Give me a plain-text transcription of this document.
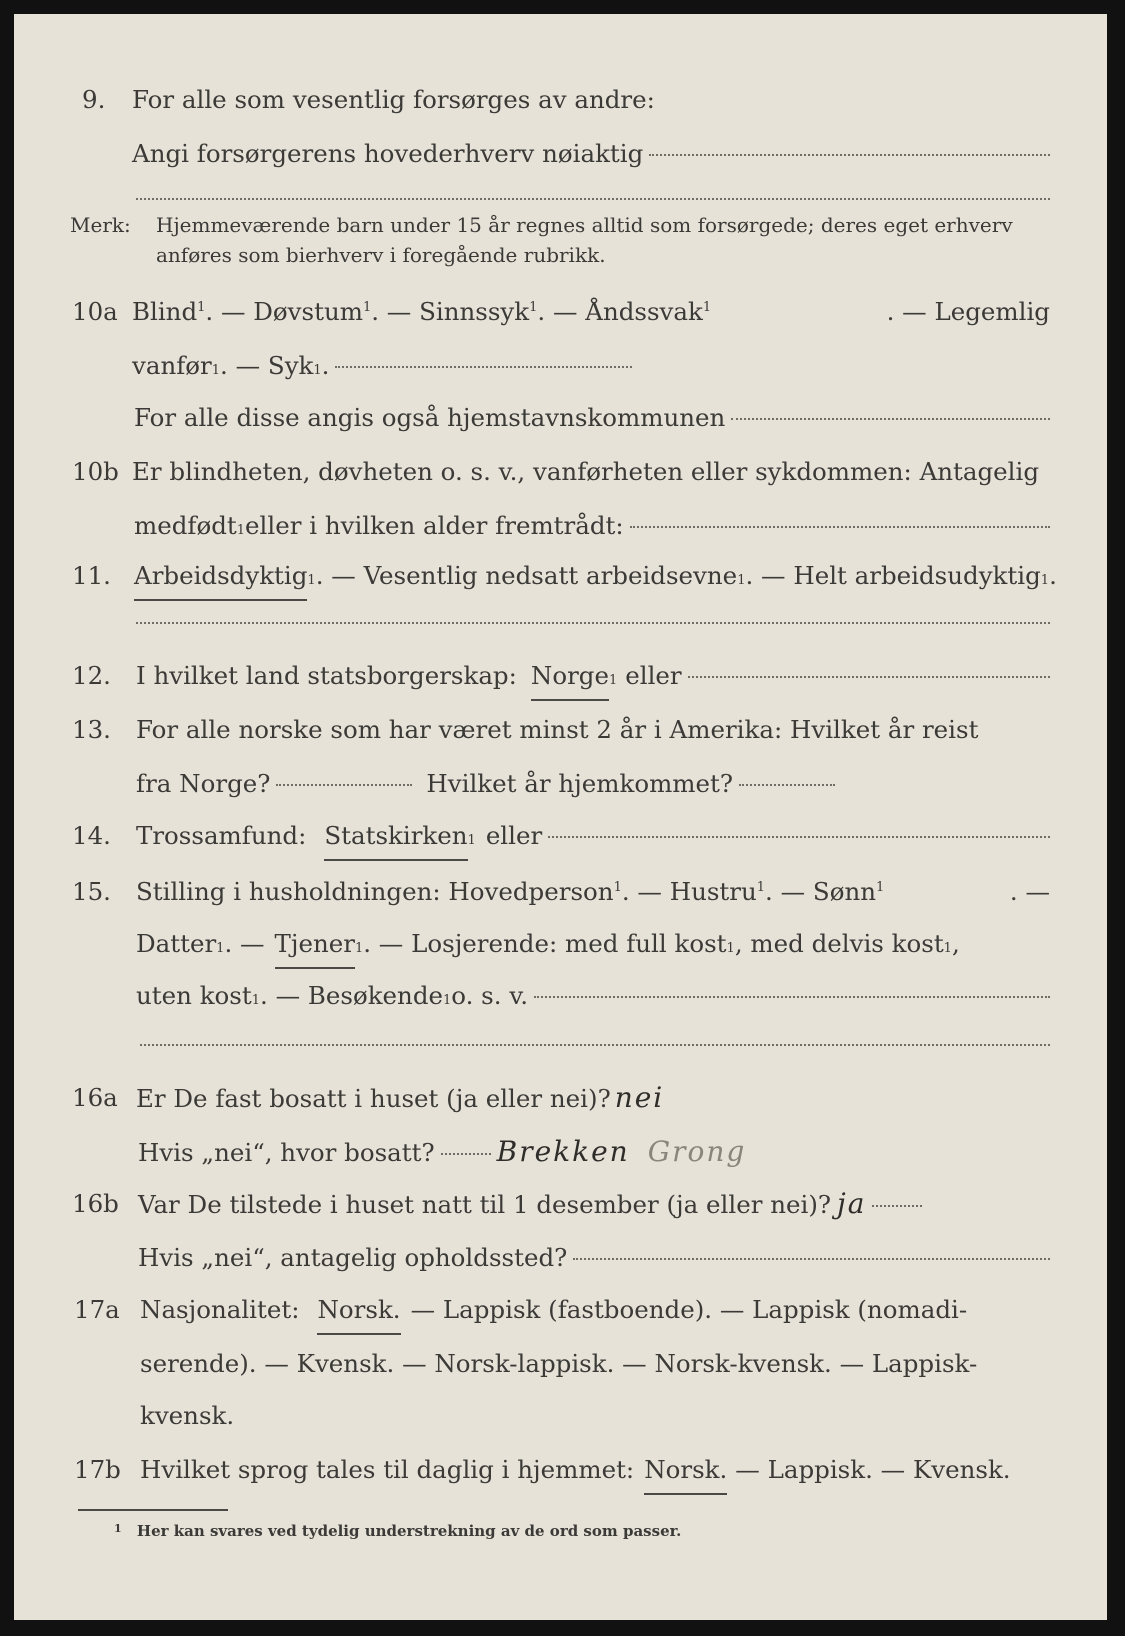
9. For alle som vesentlig forsørges av andre:
Angi forsørgerens hovederhverv nøiaktig
Merk: Hjemmeværende barn under 15 år regnes alltid som forsørgede; deres eget erhverv
anføres som bierhverv i foregående rubrikk.
10a Blind$^1$. — Døvstum$^1$. — Sinnssyk$^1$. — Åndssvak$^1$	. — Legemlig
vanfør 1 . — Syk 1 .
For alle disse angis også hjemstavnskommunen
10b Er blindheten, døvheten o. s. v., vanførheten eller sykdommen: Antagelig
medfødt 1 eller i hvilken alder fremtrådt:
11. Arbeidsdyktig 1 . — Vesentlig nedsatt arbeidsevne 1 . — Helt arbeidsudyktig 1 .
12. I hvilket land statsborgerskap: Norge 1 eller
13. For alle norske som har været minst 2 år i Amerika: Hvilket år reist
fra Norge?	Hvilket år hjemkommet?
14. Trossamfund: Statskirken 1 eller
15. Stilling i husholdningen: Hovedperson$^1$. — Hustru$^1$. — Sønn$^1$	. —
Datter 1 . — Tjener 1 . — Losjerende: med full kost 1 , med delvis kost 1 ,
uten kost 1 . — Besøkende 1 o. s. v.
16a Er De fast bosatt i huset (ja eller nei)? nei
Hvis „nei“, hvor bosatt? Brekken Grong
16b Var De tilstede i huset natt til 1 desember (ja eller nei)? ja
Hvis „nei“, antagelig opholdssted?
17a Nasjonalitet: Norsk. — Lappisk (fastboende). — Lappisk (nomadi-
serende). — Kvensk. — Norsk-lappisk. — Norsk-kvensk. — Lappisk-
kvensk.
17b Hvilket sprog tales til daglig i hjemmet: Norsk. — Lappisk. — Kvensk.
$^1$ Her kan svares ved tydelig understrekning av de ord som passer.
